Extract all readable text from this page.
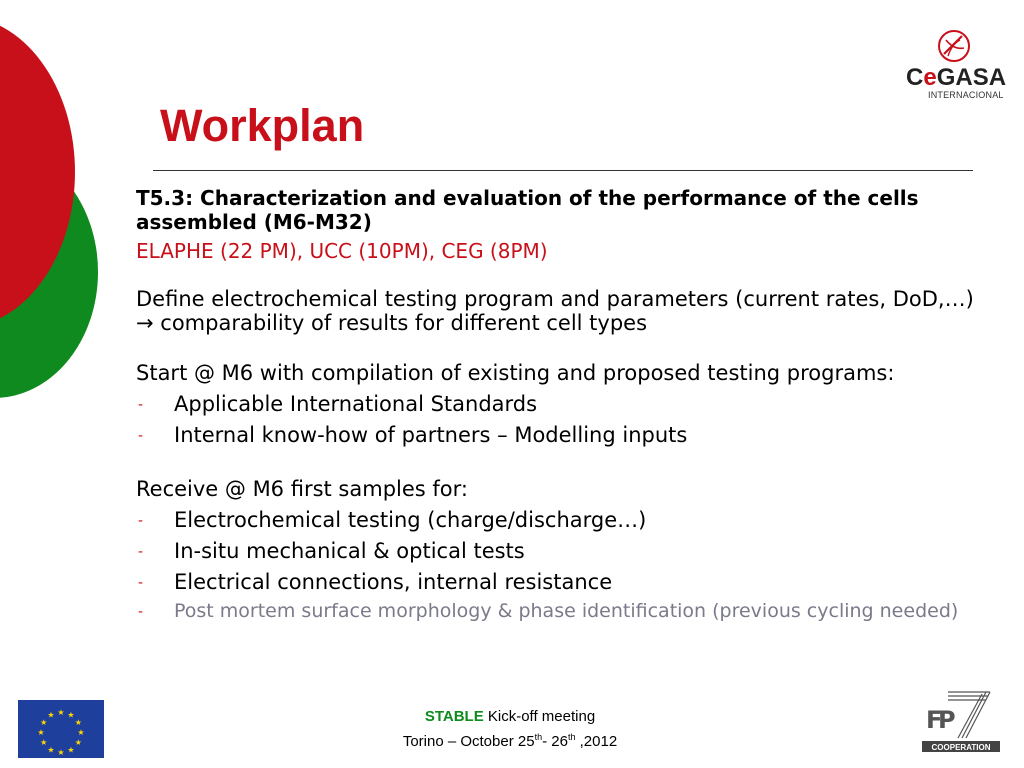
CeGASA
INTERNACIONAL
Workplan

T5.3: Characterization and evaluation of the performance of the cells assembled (M6-M32)

ELAPHE (22 PM), UCC (10PM), CEG (8PM)

Define electrochemical testing program and parameters (current rates, DoD,…) → comparability of results for different cell types

Start @ M6 with compilation of existing and proposed testing programs:

- Applicable International Standards
- Internal know-how of partners – Modelling inputs

Receive @ M6 first samples for:

- Electrochemical testing (charge/discharge…)
- In-situ mechanical & optical tests
- Electrical connections, internal resistance
- Post mortem surface morphology & phase identification (previous cycling needed)
★ ★
★
★
★
★
★
★
★
★
★
★	STABLE Kick-off meeting
Torino – October 25th- 26th ,2012
F
P
COOPERATION
